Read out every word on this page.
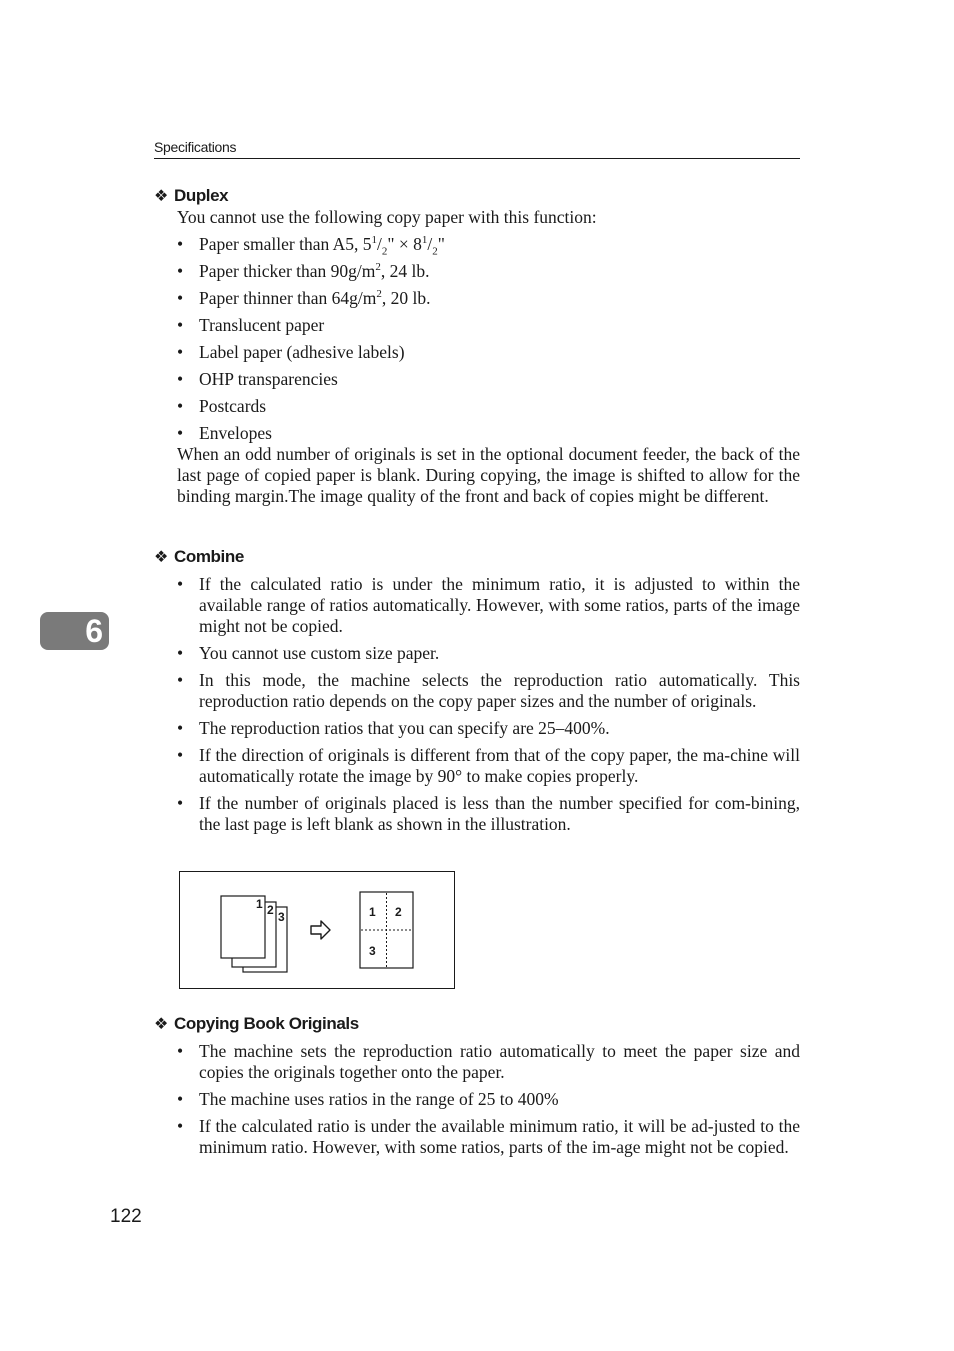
Specifications
6
❖ Duplex

You cannot use the following copy paper with this function:

• Paper smaller than A5, $5^1/_2$" × $8^1/_2$"
• Paper thicker than $90g/m^2$, 24 lb.
• Paper thinner than $64g/m^2$, 20 lb.
• Translucent paper
• Label paper (adhesive labels)
• OHP transparencies
• Postcards
• Envelopes

When an odd number of originals is set in the optional document feeder, the back of the last page of copied paper is blank. During copying, the image is shifted to allow for the binding margin.The image quality of the front and back of copies might be different.

❖ Combine
• If the calculated ratio is under the minimum ratio, it is adjusted to within the available range of ratios automatically. However, with some ratios, parts of the image might not be copied.
• You cannot use custom size paper.
• In this mode, the machine selects the reproduction ratio automatically. This reproduction ratio depends on the copy paper sizes and the number of originals.
• The reproduction ratios that you can specify are 25–400%.
• If the direction of originals is different from that of the copy paper, the ma-chine will automatically rotate the image by 90° to make copies properly.
• If the number of originals placed is less than the number specified for com-bining, the last page is left blank as shown in the illustration.
1 2 3	1 2
3
❖ Copying Book Originals
• The machine sets the reproduction ratio automatically to meet the paper size and copies the originals together onto the paper.
• The machine uses ratios in the range of 25 to 400%
• If the calculated ratio is under the available minimum ratio, it will be ad-justed to the minimum ratio. However, with some ratios, parts of the im-age might not be copied.
122
